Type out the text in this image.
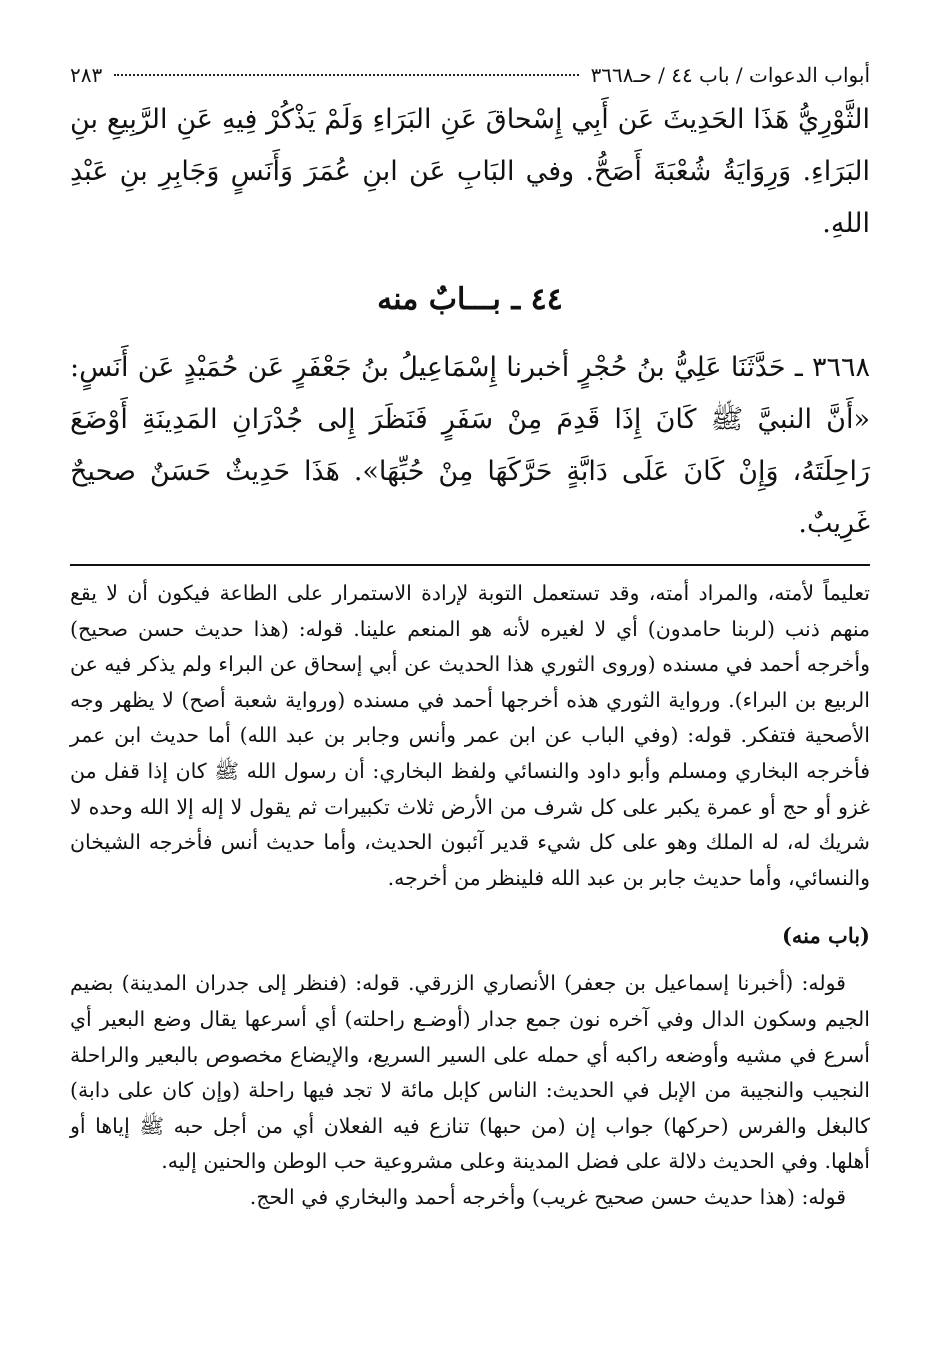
أبواب الدعوات / باب ٤٤ / حـ٣٦٦٨
٢٨٣

الثَّوْرِيُّ هَذَا الحَدِيثَ عَن أَبِي إِسْحاقَ عَنِ البَرَاءِ وَلَمْ يَذْكُرْ فِيهِ عَنِ الرَّبِيعِ بنِ البَرَاءِ. وَرِوَايَةُ شُعْبَةَ أَصَحُّ. وفي البَابِ عَن ابنِ عُمَرَ وَأَنَسٍ وَجَابِرِ بنِ عَبْدِ اللهِ.

٤٤ ـ بـــابٌ منه

٣٦٦٨ ـ حَدَّثَنَا عَلِيُّ بنُ حُجْرٍ أخبرنا إِسْمَاعِيلُ بنُ جَعْفَرٍ عَن حُمَيْدٍ عَن أَنَسٍ: «أَنَّ النبيَّ ﷺ كَانَ إِذَا قَدِمَ مِنْ سَفَرٍ فَنَظَرَ إِلى جُدْرَانِ المَدِينَةِ أَوْضَعَ رَاحِلَتَهُ، وَإِنْ كَانَ عَلَى دَابَّةٍ حَرَّكَهَا مِنْ حُبِّهَا». هَذَا حَدِيثٌ حَسَنٌ صحيحٌ غَرِيبٌ.

تعليماً لأمته، والمراد أمته، وقد تستعمل التوبة لإرادة الاستمرار على الطاعة فيكون أن لا يقع منهم ذنب (لربنا حامدون) أي لا لغيره لأنه هو المنعم علينا. قوله: (هذا حديث حسن صحيح) وأخرجه أحمد في مسنده (وروى الثوري هذا الحديث عن أبي إسحاق عن البراء ولم يذكر فيه عن الربيع بن البراء). ورواية الثوري هذه أخرجها أحمد في مسنده (ورواية شعبة أصح) لا يظهر وجه الأصحية فتفكر. قوله: (وفي الباب عن ابن عمر وأنس وجابر بن عبد الله) أما حديث ابن عمر فأخرجه البخاري ومسلم وأبو داود والنسائي ولفظ البخاري: أن رسول الله ﷺ كان إذا قفل من غزو أو حج أو عمرة يكبر على كل شرف من الأرض ثلاث تكبيرات ثم يقول لا إله إلا الله وحده لا شريك له، له الملك وهو على كل شيء قدير آئبون الحديث، وأما حديث أنس فأخرجه الشيخان والنسائي، وأما حديث جابر بن عبد الله فلينظر من أخرجه.

(باب منه)

قوله: (أخبرنا إسماعيل بن جعفر) الأنصاري الزرقي. قوله: (فنظر إلى جدران المدينة) بضيم الجيم وسكون الدال وفي آخره نون جمع جدار (أوضـع راحلته) أي أسرعها يقال وضع البعير أي أسرع في مشيه وأوضعه راكبه أي حمله على السير السريع، والإيضاع مخصوص بالبعير والراحلة النجيب والنجيبة من الإبل في الحديث: الناس كإبل مائة لا تجد فيها راحلة (وإن كان على دابة) كالبغل والفرس (حركها) جواب إن (من حبها) تنازع فيه الفعلان أي من أجل حبه ﷺ إياها أو أهلها. وفي الحديث دلالة على فضل المدينة وعلى مشروعية حب الوطن والحنين إليه.

قوله: (هذا حديث حسن صحيح غريب) وأخرجه أحمد والبخاري في الحج.
